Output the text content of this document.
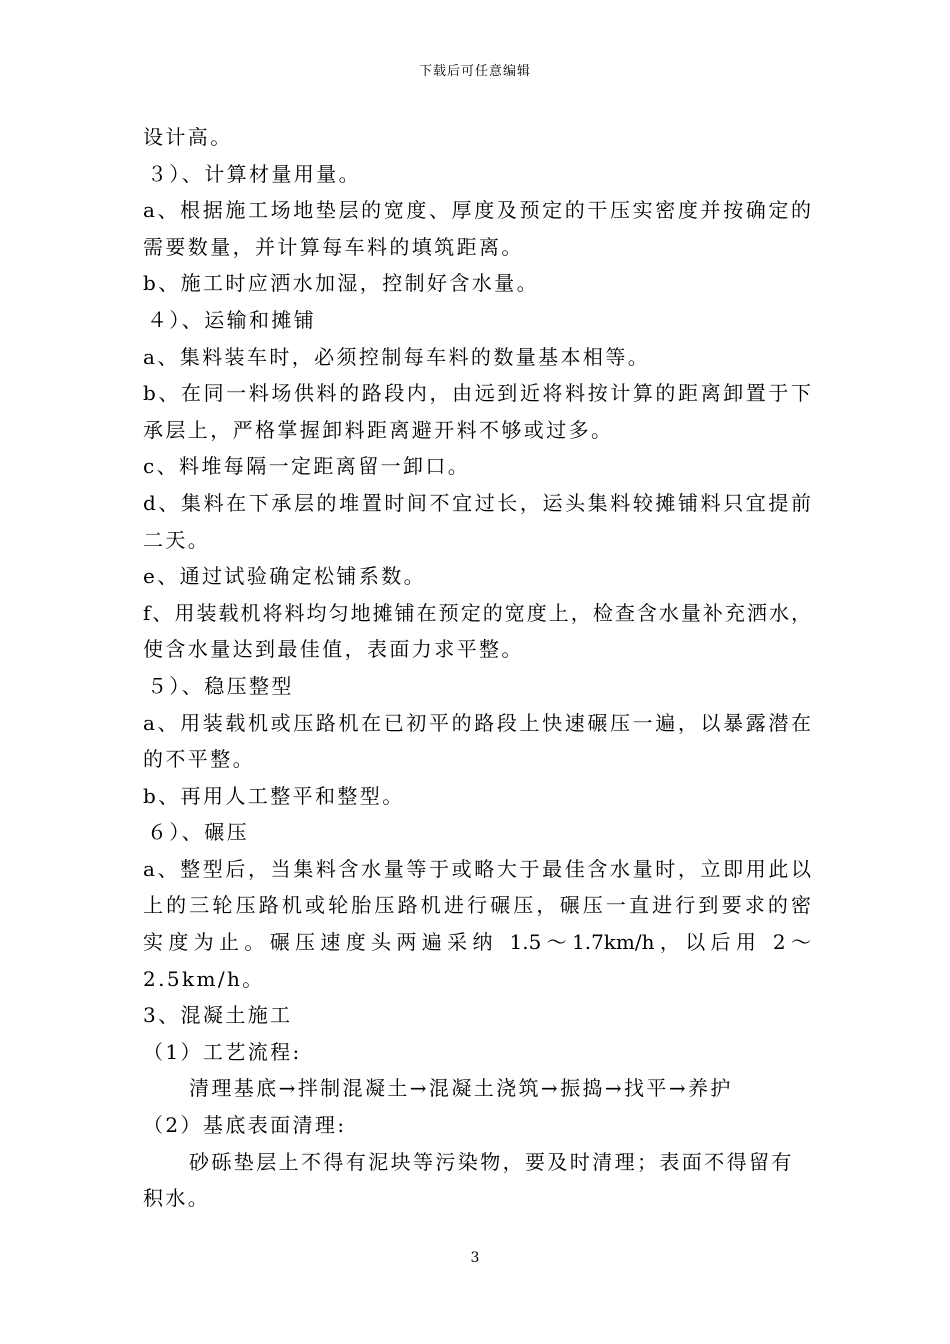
下载后可任意编辑
设计高。
３）、计算材量用量。
a、根据施工场地垫层的宽度、厚度及预定的干压实密度并按确定的
需要数量，并计算每车料的填筑距离。
b、施工时应洒水加湿，控制好含水量。
４）、运输和摊铺
a、集料装车时，必须控制每车料的数量基本相等。
b、在同一料场供料的路段内，由远到近将料按计算的距离卸置于下
承层上，严格掌握卸料距离避开料不够或过多。
c、料堆每隔一定距离留一卸口。
d、集料在下承层的堆置时间不宜过长，运头集料较摊铺料只宜提前
二天。
e、通过试验确定松铺系数。
f、用装载机将料均匀地摊铺在预定的宽度上，检查含水量补充洒水，
使含水量达到最佳值，表面力求平整。
５）、稳压整型
a、用装载机或压路机在已初平的路段上快速碾压一遍，以暴露潜在
的不平整。
b、再用人工整平和整型。
６）、碾压
a、整型后，当集料含水量等于或略大于最佳含水量时，立即用此以
上的三轮压路机或轮胎压路机进行碾压，碾压一直进行到要求的密
实度为止。碾压速度头两遍采纳 1.5～1.7km/h，以后用 2～
2.5km/h。
3、混凝土施工
（1）工艺流程:
清理基底→拌制混凝土→混凝土浇筑→振捣→找平→养护
（2）基底表面清理:
砂砾垫层上不得有泥块等污染物，要及时清理；表面不得留有
积水。
3
